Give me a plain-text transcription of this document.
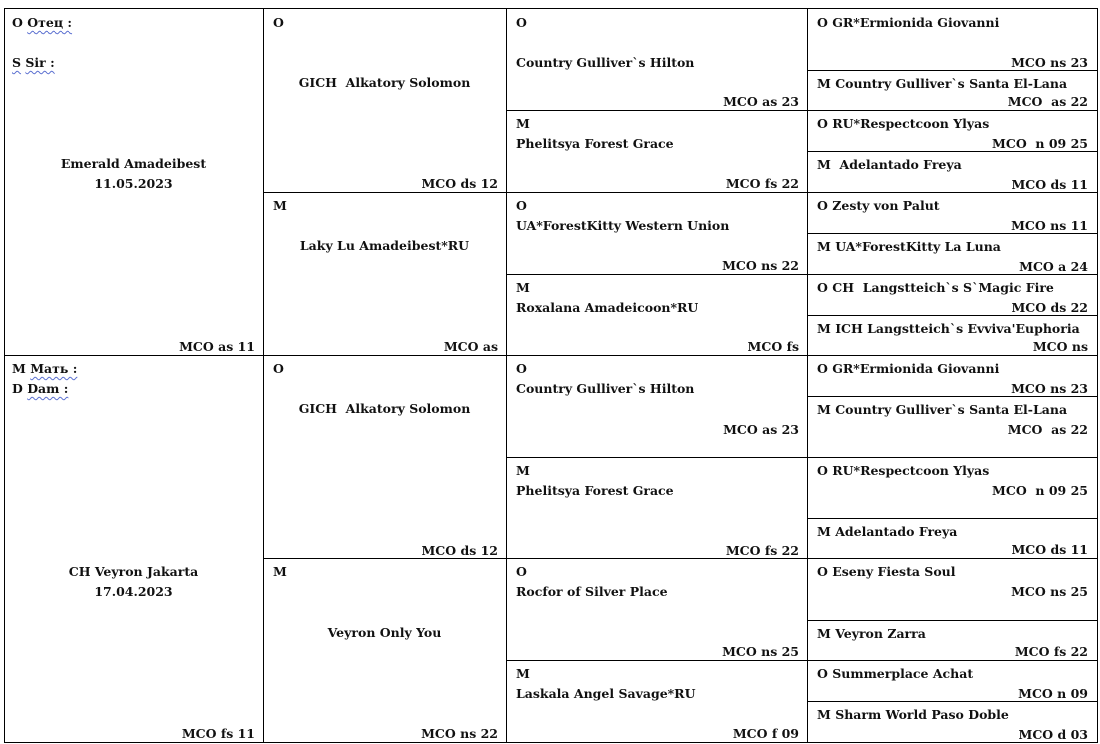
О Отец :
S Sir :
Emerald Amadeibest
11.05.2023
MCO as 11
M Мать :
D Dam :
CH Veyron Jakarta
17.04.2023
MCO fs 11
O
GICH  Alkatory Solomon
MCO ds 12
M
Laky Lu Amadeibest*RU
MCO as
O
GICH  Alkatory Solomon
MCO ds 12
M
Veyron Only You
MCO ns 22
O
Country Gulliver`s Hilton
MCO as 23
M
Phelitsya Forest Grace
MCO fs 22
O
UA*ForestKitty Western Union
MCO ns 22
M
Roxalana Amadeicoon*RU
MCO fs
O
Country Gulliver`s Hilton
MCO as 23
M
Phelitsya Forest Grace
MCO fs 22
O
Rocfor of Silver Place
MCO ns 25
M
Laskala Angel Savage*RU
MCO f 09
O GR*Ermionida Giovanni
MCO ns 23
M Country Gulliver`s Santa El-Lana
MCO  as 22
O RU*Respectcoon Ylyas
MCO  n 09 25
M  Adelantado Freya
MCO ds 11
O Zesty von Palut
MCO ns 11
M UA*ForestKitty La Luna
MCO a 24
O CH  Langstteich`s S`Magic Fire
MCO ds 22
M ICH Langstteich`s Evviva'Euphoria
MCO ns
O GR*Ermionida Giovanni
MCO ns 23
M Country Gulliver`s Santa El-Lana
MCO  as 22
O RU*Respectcoon Ylyas
MCO  n 09 25
M Adelantado Freya
MCO ds 11
O Eseny Fiesta Soul
MCO ns 25
M Veyron Zarra
MCO fs 22
O Summerplace Achat
MCO n 09
M Sharm World Paso Doble
MCO d 03
